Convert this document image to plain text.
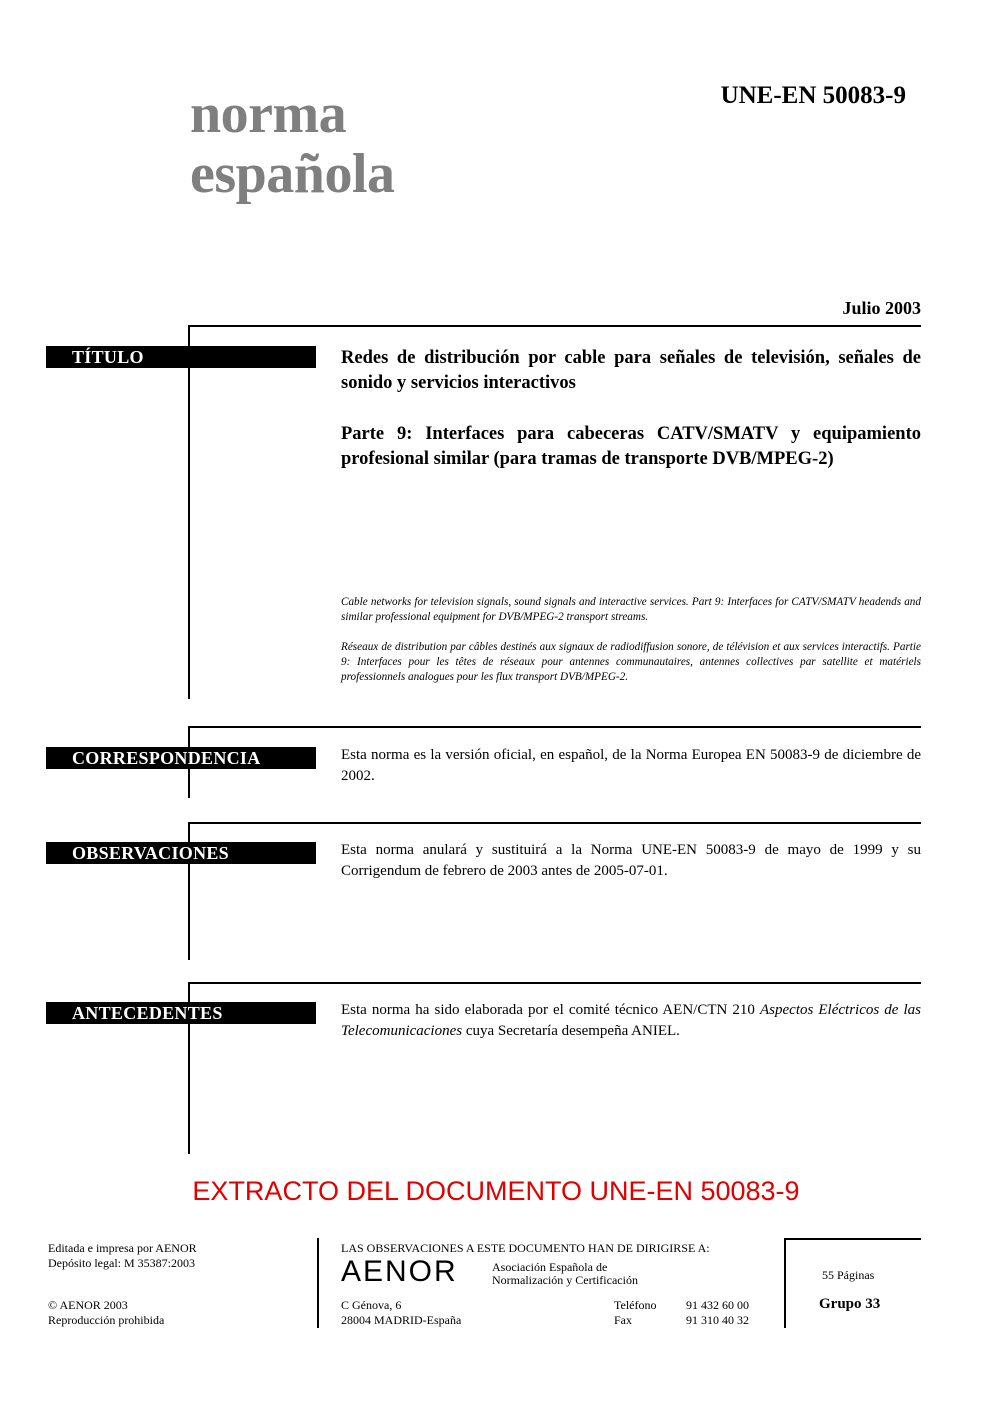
norma
española
UNE-EN 50083-9
Julio 2003
TÍTULO	Redes de distribución por cable para señales de televisión, señales de sonido y servicios interactivos
Parte 9: Interfaces para cabeceras CATV/SMATV y equipamiento profesional similar (para tramas de transporte DVB/MPEG-2)
Cable networks for television signals, sound signals and interactive services. Part 9: Interfaces for CATV/SMATV headends and similar professional equipment for DVB/MPEG-2 transport streams.
Réseaux de distribution par câbles destinés aux signaux de radiodiffusion sonore, de télévision et aux services interactifs. Partie 9: Interfaces pour les têtes de réseaux pour antennes communautaires, antennes collectives par satellite et matériels professionnels analogues pour les flux transport DVB/MPEG-2.
CORRESPONDENCIA	Esta norma es la versión oficial, en español, de la Norma Europea EN 50083-9 de diciembre de 2002.
OBSERVACIONES	Esta norma anulará y sustituirá a la Norma UNE-EN 50083-9 de mayo de 1999 y su Corrigendum de febrero de 2003 antes de 2005-07-01.
ANTECEDENTES	Esta norma ha sido elaborada por el comité técnico AEN/CTN 210 Aspectos Eléctricos de las Telecomunicaciones cuya Secretaría desempeña ANIEL.
EXTRACTO DEL DOCUMENTO UNE-EN 50083-9
Editada e impresa por AENOR
Depósito legal: M 35387:2003
© AENOR 2003
Reproducción prohibida
LAS OBSERVACIONES A ESTE DOCUMENTO HAN DE DIRIGIRSE A:
AENOR	Asociación Española de
Normalización y Certificación
C Génova, 6
28004 MADRID-España
Teléfono 91 432 60 00
Fax	91 310 40 32
55 Páginas
Grupo 33
